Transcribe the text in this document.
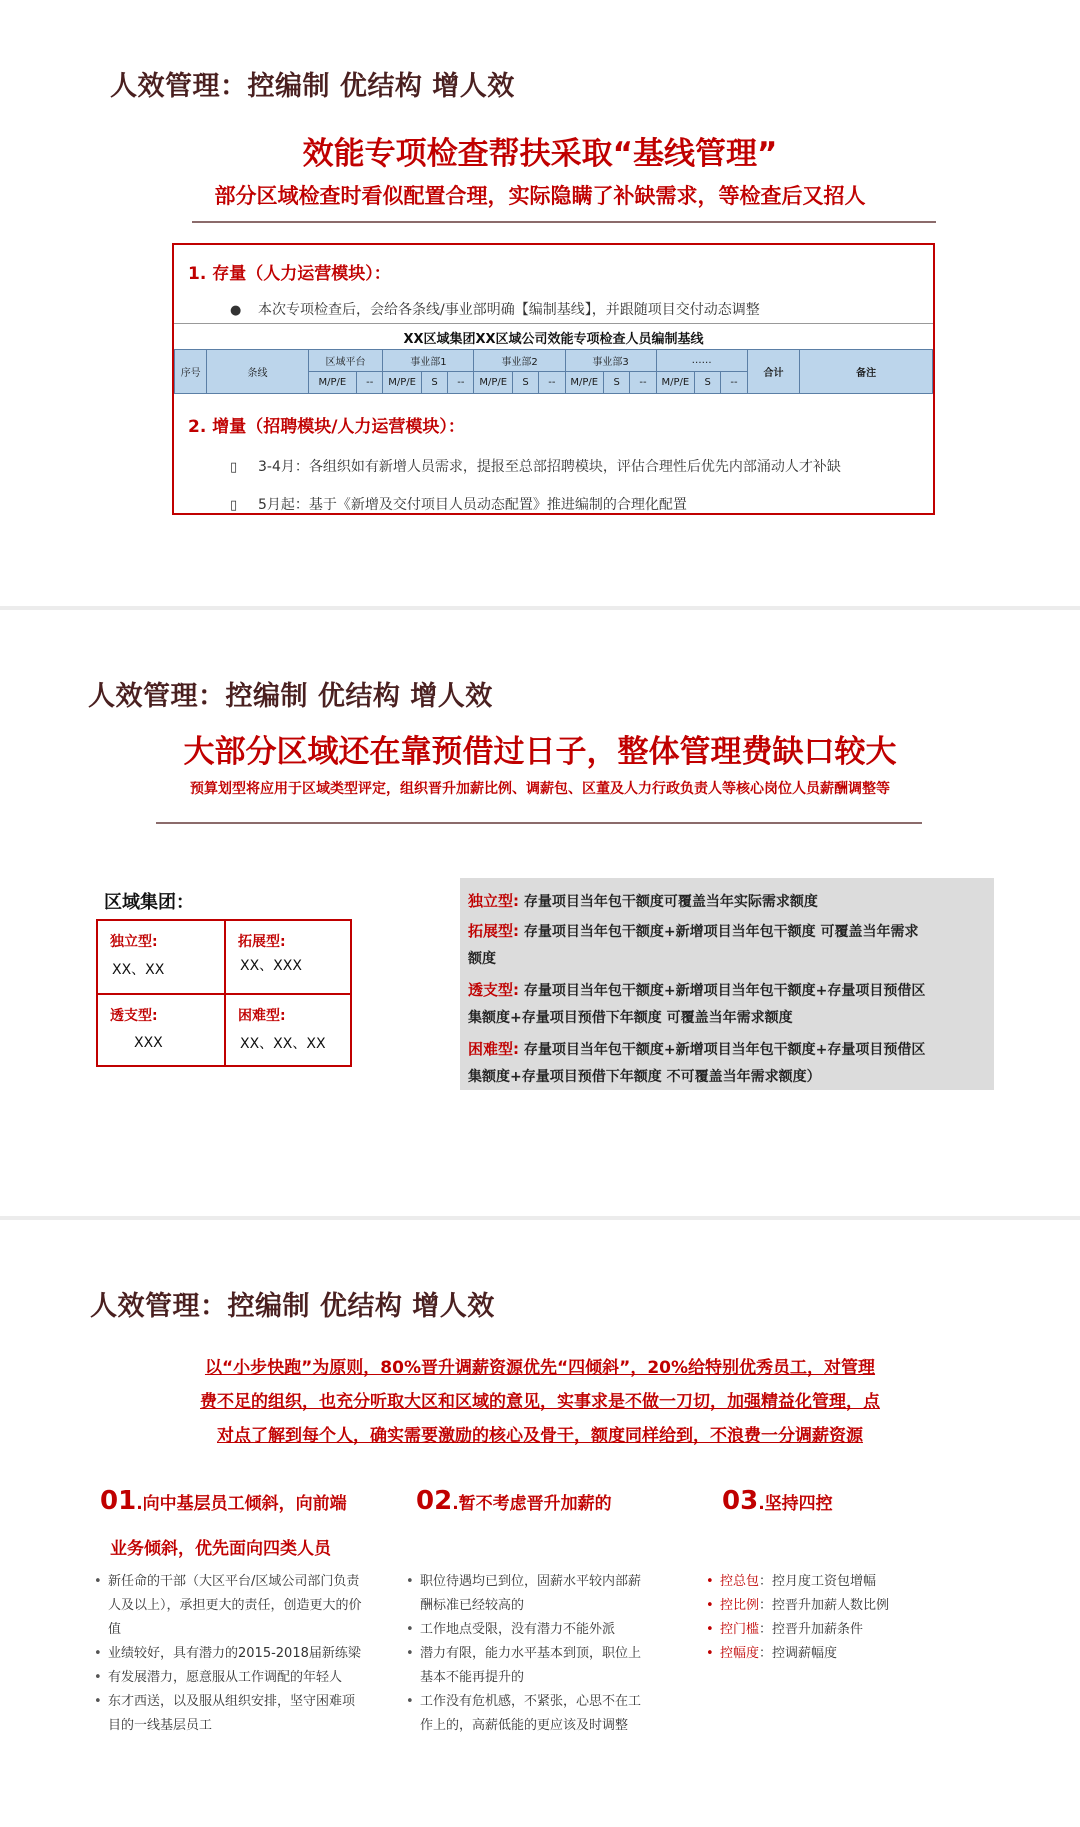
人效管理：控编制 优结构 增人效
效能专项检查帮扶采取“基线管理”
部分区域检查时看似配置合理，实际隐瞒了补缺需求，等检查后又招人
1. 存量（人力运营模块）：
● 本次专项检查后，会给各条线/事业部明确【编制基线】，并跟随项目交付动态调整
XX区域集团XX区域公司效能专项检查人员编制基线
序号	条线	区域平台		事业部1			事业部2			事业部3			……			合计	备注
		M/P/E	--	M/P/E	S	--	M/P/E	S	--	M/P/E	S	--	M/P/E	S	--		
2. 增量（招聘模块/人力运营模块）：
▯ 3-4月：各组织如有新增人员需求，提报至总部招聘模块，评估合理性后优先内部涌动人才补缺
▯ 5月起：基于《新增及交付项目人员动态配置》推进编制的合理化配置
人效管理：控编制 优结构 增人效
大部分区域还在靠预借过日子，整体管理费缺口较大
预算划型将应用于区域类型评定，组织晋升加薪比例、调薪包、区董及人力行政负责人等核心岗位人员薪酬调整等
区域集团：
独立型:
XX、XX
拓展型:
XX、XXX
透支型:
XXX
困难型:
XX、XX、XX
独立型: 存量项目当年包干额度可覆盖当年实际需求额度
拓展型: 存量项目当年包干额度+新增项目当年包干额度 可覆盖当年需求
额度
透支型: 存量项目当年包干额度+新增项目当年包干额度+存量项目预借区
集额度+存量项目预借下年额度 可覆盖当年需求额度
困难型: 存量项目当年包干额度+新增项目当年包干额度+存量项目预借区
集额度+存量项目预借下年额度 不可覆盖当年需求额度）
人效管理：控编制 优结构 增人效
以“小步快跑”为原则，80%晋升调薪资源优先“四倾斜”，20%给特别优秀员工，对管理
费不足的组织，也充分听取大区和区域的意见，实事求是不做一刀切，加强精益化管理，点
对点了解到每个人，确实需要激励的核心及骨干，额度同样给到，不浪费一分调薪资源
01.向中基层员工倾斜，向前端
业务倾斜，优先面向四类人员
• 新任命的干部（大区平台/区域公司部门负责人及以上），承担更大的责任，创造更大的价值
• 业绩较好，具有潜力的2015-2018届新练梁
• 有发展潜力，愿意服从工作调配的年轻人
• 东才西送，以及服从组织安排，坚守困难项目的一线基层员工
02.暂不考虑晋升加薪的
• 职位待遇均已到位，固薪水平较内部薪酬标准已经较高的
• 工作地点受限，没有潜力不能外派
• 潜力有限，能力水平基本到顶，职位上基本不能再提升的
• 工作没有危机感，不紧张，心思不在工作上的，高薪低能的更应该及时调整
03.坚持四控
• 控总包：控月度工资包增幅
• 控比例：控晋升加薪人数比例
• 控门槛：控晋升加薪条件
• 控幅度：控调薪幅度
